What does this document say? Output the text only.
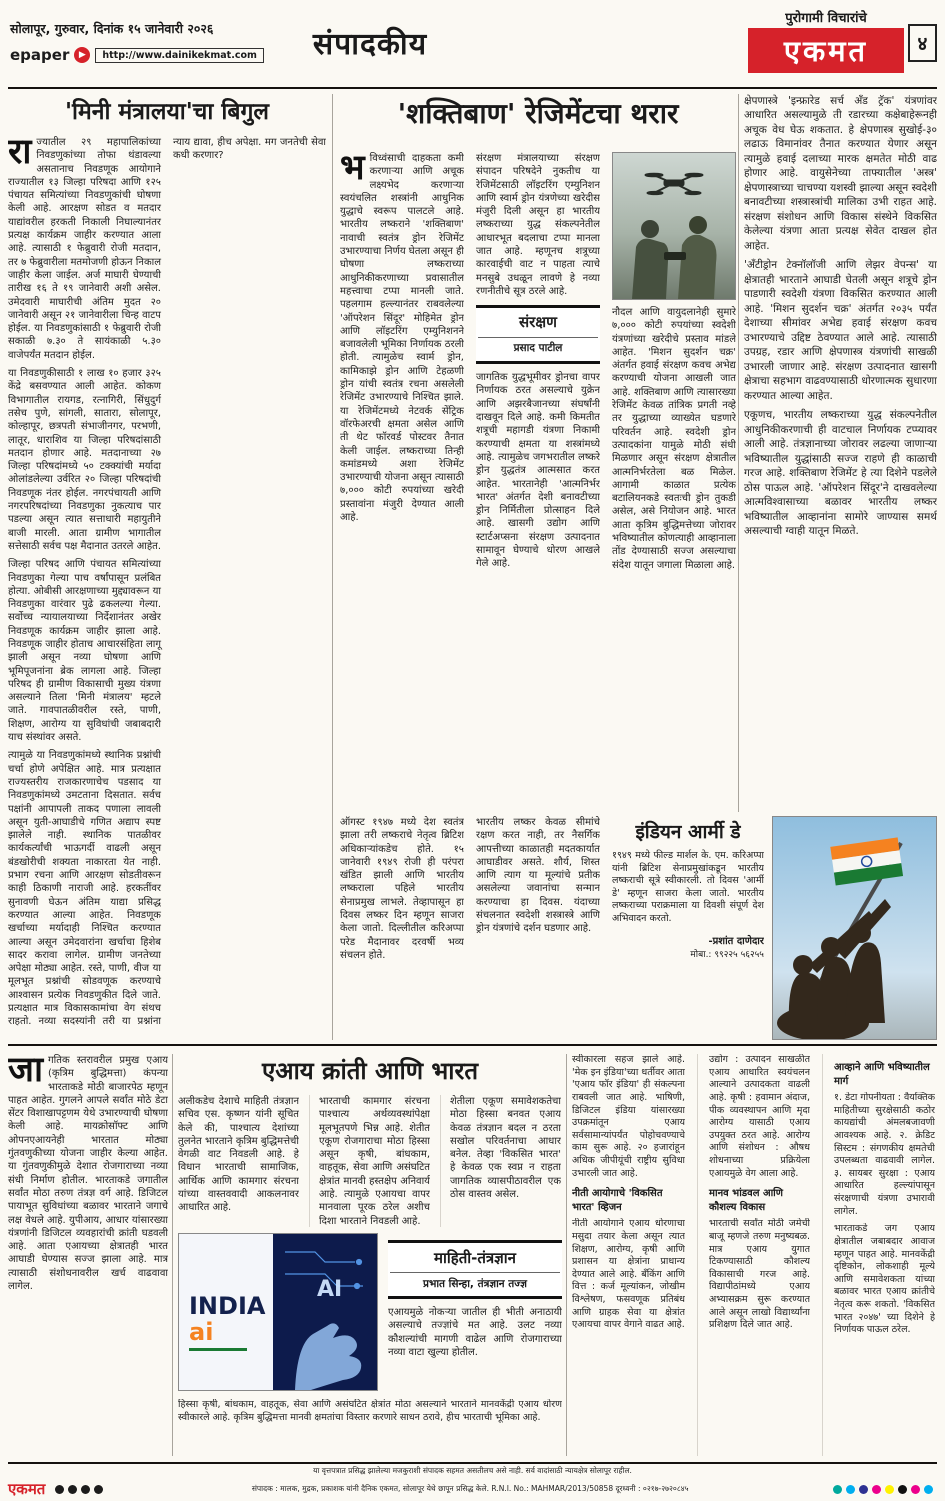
सोलापूर, गुरुवार, दिनांक १५ जानेवारी २०२६
epaper	▶	http://www.dainikekmat.com	संपादकीय
पुरोगामी विचारांचे
एकमत	४
'मिनी मंत्रालया'चा बिगुल
राज्यातील २९ महापालिकांच्या निवडणुकांच्या तोफा थंडावल्या असतानाच निवडणूक आयोगाने राज्यातील १३ जिल्हा परिषदा आणि १२५ पंचायत समित्यांच्या निवडणुकांची घोषणा केली आहे. आरक्षण सोडत व मतदार याद्यांवरील हरकती निकाली निघाल्यानंतर प्रत्यक्ष कार्यक्रम जाहीर करण्यात आला आहे. त्यासाठी १ फेब्रुवारी रोजी मतदान, तर ७ फेब्रुवारीला मतमोजणी होऊन निकाल जाहीर केला जाईल. अर्ज माघारी घेण्याची तारीख १६ ते १९ जानेवारी अशी असेल. उमेदवारी माघारीची अंतिम मुदत २० जानेवारी असून २१ जानेवारीला चिन्ह वाटप होईल. या निवडणुकांसाठी १ फेब्रुवारी रोजी सकाळी ७.३० ते सायंकाळी ५.३० वाजेपर्यंत मतदान होईल.
या निवडणुकीसाठी १ लाख १० हजार ३२५ केंद्रे बसवण्यात आली आहेत. कोकण विभागातील रायगड, रत्नागिरी, सिंधुदुर्ग तसेच पुणे, सांगली, सातारा, सोलापूर, कोल्हापूर, छत्रपती संभाजीनगर, परभणी, लातूर, धाराशिव या जिल्हा परिषदांसाठी मतदान होणार आहे. मतदानाच्या २७ जिल्हा परिषदांमध्ये ५० टक्क्यांची मर्यादा ओलांडलेल्या उर्वरित २० जिल्हा परिषदांची निवडणूक नंतर होईल. नगरपंचायती आणि नगरपरिषदांच्या निवडणुका नुकत्याच पार पडल्या असून त्यात सत्ताधारी महायुतीने बाजी मारली. आता ग्रामीण भागातील सत्तेसाठी सर्वच पक्ष मैदानात उतरले आहेत.
जिल्हा परिषद आणि पंचायत समित्यांच्या निवडणुका गेल्या पाच वर्षांपासून प्रलंबित होत्या. ओबीसी आरक्षणाच्या मुद्द्यावरून या निवडणुका वारंवार पुढे ढकलल्या गेल्या. सर्वोच्च न्यायालयाच्या निर्देशानंतर अखेर निवडणूक कार्यक्रम जाहीर झाला आहे. निवडणूक जाहीर होताच आचारसंहिता लागू झाली असून नव्या घोषणा आणि भूमिपूजनांना ब्रेक लागला आहे. जिल्हा परिषद ही ग्रामीण विकासाची मुख्य यंत्रणा असल्याने तिला 'मिनी मंत्रालय' म्हटले जाते. गावपातळीवरील रस्ते, पाणी, शिक्षण, आरोग्य या सुविधांची जबाबदारी याच संस्थांवर असते.
त्यामुळे या निवडणुकांमध्ये स्थानिक प्रश्नांची चर्चा होणे अपेक्षित आहे. मात्र प्रत्यक्षात राज्यस्तरीय राजकारणाचेच पडसाद या निवडणुकांमध्ये उमटताना दिसतात. सर्वच पक्षांनी आपापली ताकद पणाला लावली असून युती-आघाडीचे गणित अद्याप स्पष्ट झालेले नाही. स्थानिक पातळीवर कार्यकर्त्यांची भाऊगर्दी वाढली असून बंडखोरीची शक्यता नाकारता येत नाही. प्रभाग रचना आणि आरक्षण सोडतीवरून काही ठिकाणी नाराजी आहे. हरकतींवर सुनावणी घेऊन अंतिम याद्या प्रसिद्ध करण्यात आल्या आहेत. निवडणूक खर्चाच्या मर्यादाही निश्चित करण्यात आल्या असून उमेदवारांना खर्चाचा हिशेब सादर करावा लागेल. ग्रामीण जनतेच्या अपेक्षा मोठ्या आहेत. रस्ते, पाणी, वीज या मूलभूत प्रश्नांची सोडवणूक करण्याचे आश्वासन प्रत्येक निवडणुकीत दिले जाते. प्रत्यक्षात मात्र विकासकामांचा वेग संथच राहतो. नव्या सदस्यांनी तरी या प्रश्नांना न्याय द्यावा, हीच अपेक्षा. मग जनतेची सेवा कधी करणार?
'शक्तिबाण' रेजिमेंटचा थरार
भविध्वंसाची दाहकता कमी करणाऱ्या आणि अचूक लक्ष्यभेद करणाऱ्या स्वयंचलित शस्त्रांनी आधुनिक युद्धाचे स्वरूप पालटले आहे. भारतीय लष्कराने 'शक्तिबाण' नावाची स्वतंत्र ड्रोन रेजिमेंट उभारण्याचा निर्णय घेतला असून ही घोषणा लष्कराच्या आधुनिकीकरणाच्या प्रवासातील महत्त्वाचा टप्पा मानली जाते. पहलगाम हल्ल्यानंतर राबवलेल्या 'ऑपरेशन सिंदूर' मोहिमेत ड्रोन आणि लॉइटरिंग एम्युनिशनने बजावलेली भूमिका निर्णायक ठरली होती. त्यामुळेच स्वार्म ड्रोन, कामिकाझे ड्रोन आणि टेहळणी ड्रोन यांची स्वतंत्र रचना असलेली रेजिमेंट उभारण्याचे निश्चित झाले. या रेजिमेंटमध्ये नेटवर्क सेंट्रिक वॉरफेअरची क्षमता असेल आणि ती थेट फॉरवर्ड पोस्टवर तैनात केली जाईल. लष्कराच्या तिन्ही कमांडमध्ये अशा रेजिमेंट उभारण्याची योजना असून त्यासाठी ७,००० कोटी रुपयांच्या खरेदी प्रस्तावांना मंजुरी देण्यात आली आहे.
संरक्षण मंत्रालयाच्या संरक्षण संपादन परिषदेने नुकतीच या रेजिमेंटसाठी लॉइटरिंग एम्युनिशन आणि स्वार्म ड्रोन यंत्रणेच्या खरेदीस मंजुरी दिली असून हा भारतीय लष्कराच्या युद्ध संकल्पनेतील आधारभूत बदलाचा टप्पा मानला जात आहे. म्हणूनच शत्रूच्या कारवाईची वाट न पाहता त्याचे मनसुबे उधळून लावणे हे नव्या रणनीतीचे सूत्र ठरले आहे.
संरक्षण
प्रसाद पाटील
जागतिक युद्धभूमीवर ड्रोनचा वापर निर्णायक ठरत असल्याचे युक्रेन आणि अझरबैजानच्या संघर्षांनी दाखवून दिले आहे. कमी किमतीत शत्रूची महागडी यंत्रणा निकामी करण्याची क्षमता या शस्त्रांमध्ये आहे. त्यामुळेच जगभरातील लष्करे ड्रोन युद्धतंत्र आत्मसात करत आहेत. भारतानेही 'आत्मनिर्भर भारत' अंतर्गत देशी बनावटीच्या ड्रोन निर्मितीला प्रोत्साहन दिले आहे. खासगी उद्योग आणि स्टार्टअप्सना संरक्षण उत्पादनात सामावून घेण्याचे धोरण आखले गेले आहे.
नौदल आणि वायुदलानेही सुमारे ७,००० कोटी रुपयांच्या स्वदेशी यंत्रणांच्या खरेदीचे प्रस्ताव मांडले आहेत. 'मिशन सुदर्शन चक्र' अंतर्गत हवाई संरक्षण कवच अभेद्य करण्याची योजना आखली जात आहे. शक्तिबाण आणि त्यासारख्या रेजिमेंट केवळ तांत्रिक प्रगती नव्हे तर युद्धाच्या व्याख्येत घडणारे परिवर्तन आहे. स्वदेशी ड्रोन उत्पादकांना यामुळे मोठी संधी मिळणार असून संरक्षण क्षेत्रातील आत्मनिर्भरतेला बळ मिळेल. आगामी काळात प्रत्येक बटालियनकडे स्वतःची ड्रोन तुकडी असेल, असे नियोजन आहे. भारत आता कृत्रिम बुद्धिमत्तेच्या जोरावर भविष्यातील कोणत्याही आव्हानाला तोंड देण्यासाठी सज्ज असल्याचा संदेश यातून जगाला मिळाला आहे.
ऑगस्ट १९४७ मध्ये देश स्वतंत्र झाला तरी लष्कराचे नेतृत्व ब्रिटिश अधिकाऱ्यांकडेच होते. १५ जानेवारी १९४९ रोजी ही परंपरा खंडित झाली आणि भारतीय लष्कराला पहिले भारतीय सेनाप्रमुख लाभले. तेव्हापासून हा दिवस लष्कर दिन म्हणून साजरा केला जातो. दिल्लीतील करिअप्पा परेड मैदानावर दरवर्षी भव्य संचलन होते.
भारतीय लष्कर केवळ सीमांचे रक्षण करत नाही, तर नैसर्गिक आपत्तीच्या काळातही मदतकार्यात आघाडीवर असते. शौर्य, शिस्त आणि त्याग या मूल्यांचे प्रतीक असलेल्या जवानांचा सन्मान करण्याचा हा दिवस. यंदाच्या संचलनात स्वदेशी शस्त्रास्त्रे आणि ड्रोन यंत्रणांचे दर्शन घडणार आहे.
इंडियन आर्मी डे
१९४९ मध्ये फील्ड मार्शल के. एम. करिअप्पा यांनी ब्रिटिश सेनाप्रमुखांकडून भारतीय लष्कराची सूत्रे स्वीकारली. तो दिवस 'आर्मी डे' म्हणून साजरा केला जातो. भारतीय लष्कराच्या पराक्रमाला या दिवशी संपूर्ण देश अभिवादन करतो.
-प्रशांत दाणेदार
मोबा.: ९९२२५ ५६२५५
क्षेपणास्त्रे 'इन्फ्रारेड सर्च अँड ट्रॅक' यंत्रणांवर आधारित असल्यामुळे ती रडारच्या कक्षेबाहेरूनही अचूक वेध घेऊ शकतात. हे क्षेपणास्त्र सुखोई-३० लढाऊ विमानांवर तैनात करण्यात येणार असून त्यामुळे हवाई दलाच्या मारक क्षमतेत मोठी वाढ होणार आहे. वायुसेनेच्या ताफ्यातील 'अस्त्र' क्षेपणास्त्राच्या चाचण्या यशस्वी झाल्या असून स्वदेशी बनावटीच्या शस्त्रास्त्रांची मालिका उभी राहत आहे. संरक्षण संशोधन आणि विकास संस्थेने विकसित केलेल्या यंत्रणा आता प्रत्यक्ष सेवेत दाखल होत आहेत.
'अँटीड्रोन टेक्नॉलॉजी आणि लेझर वेपन्स' या क्षेत्रातही भारताने आघाडी घेतली असून शत्रूचे ड्रोन पाडणारी स्वदेशी यंत्रणा विकसित करण्यात आली आहे. 'मिशन सुदर्शन चक्र' अंतर्गत २०३५ पर्यंत देशाच्या सीमांवर अभेद्य हवाई संरक्षण कवच उभारण्याचे उद्दिष्ट ठेवण्यात आले आहे. त्यासाठी उपग्रह, रडार आणि क्षेपणास्त्र यंत्रणांची साखळी उभारली जाणार आहे. संरक्षण उत्पादनात खासगी क्षेत्राचा सहभाग वाढवण्यासाठी धोरणात्मक सुधारणा करण्यात आल्या आहेत.
एकूणच, भारतीय लष्कराच्या युद्ध संकल्पनेतील आधुनिकीकरणाची ही वाटचाल निर्णायक टप्प्यावर आली आहे. तंत्रज्ञानाच्या जोरावर लढल्या जाणाऱ्या भविष्यातील युद्धांसाठी सज्ज राहणे ही काळाची गरज आहे. शक्तिबाण रेजिमेंट हे त्या दिशेने पडलेले ठोस पाऊल आहे. 'ऑपरेशन सिंदूर'ने दाखवलेल्या आत्मविश्वासाच्या बळावर भारतीय लष्कर भविष्यातील आव्हानांना सामोरे जाण्यास समर्थ असल्याची ग्वाही यातून मिळते.
जागतिक स्तरावरील प्रमुख एआय (कृत्रिम बुद्धिमत्ता) कंपन्या भारताकडे मोठी बाजारपेठ म्हणून पाहत आहेत. गुगलने आपले सर्वांत मोठे डेटा सेंटर विशाखापट्टणम येथे उभारण्याची घोषणा केली आहे. मायक्रोसॉफ्ट आणि ओपनएआयनेही भारतात मोठ्या गुंतवणुकीच्या योजना जाहीर केल्या आहेत. या गुंतवणुकीमुळे देशात रोजगाराच्या नव्या संधी निर्माण होतील. भारताकडे जगातील सर्वांत मोठा तरुण तंत्रज्ञ वर्ग आहे. डिजिटल पायाभूत सुविधांच्या बळावर भारताने जगाचे लक्ष वेधले आहे. युपीआय, आधार यांसारख्या यंत्रणांनी डिजिटल व्यवहारांची क्रांती घडवली आहे. आता एआयच्या क्षेत्रातही भारत आघाडी घेण्यास सज्ज झाला आहे. मात्र त्यासाठी संशोधनावरील खर्च वाढवावा लागेल.
एआय क्रांती आणि भारत
अलीकडेच देशाचे माहिती तंत्रज्ञान सचिव एस. कृष्णन यांनी सूचित केले की, पाश्चात्य देशांच्या तुलनेत भारताने कृत्रिम बुद्धिमत्तेची वेगळी वाट निवडली आहे. हे विधान भारताची सामाजिक, आर्थिक आणि कामगार संरचना यांच्या वास्तववादी आकलनावर आधारित आहे.
भारताची कामगार संरचना पाश्चात्य अर्थव्यवस्थांपेक्षा मूलभूतपणे भिन्न आहे. शेतीत एकूण रोजगाराचा मोठा हिस्सा असून कृषी, बांधकाम, वाहतूक, सेवा आणि असंघटित क्षेत्रांत मानवी हस्तक्षेप अनिवार्य आहे. त्यामुळे एआयचा वापर मानवाला पूरक ठरेल अशीच दिशा भारताने निवडली आहे.
शेतीला एकूण समावेशकतेचा मोठा हिस्सा बनवत एआय केवळ तंत्रज्ञान बदल न ठरता सखोल परिवर्तनाचा आधार बनेल. तेव्हा 'विकसित भारत' हे केवळ एक स्वप्न न राहता जागतिक व्यासपीठावरील एक ठोस वास्तव असेल.
INDIA
ai
AI
माहिती-तंत्रज्ञान
प्रभात सिन्हा, तंत्रज्ञान तज्ज्ञ
एआयमुळे नोकऱ्या जातील ही भीती अनाठायी असल्याचे तज्ज्ञांचे मत आहे. उलट नव्या कौशल्यांची मागणी वाढेल आणि रोजगाराच्या नव्या वाटा खुल्या होतील.
हिस्सा कृषी, बांधकाम, वाहतूक, सेवा आणि असंघटित क्षेत्रांत मोठा असल्याने भारताने मानवकेंद्री एआय धोरण स्वीकारले आहे. कृत्रिम बुद्धिमत्ता मानवी क्षमतांचा विस्तार करणारे साधन ठरावे, हीच भारताची भूमिका आहे.
स्वीकारला सहज झाले आहे. 'मेक इन इंडिया'च्या धर्तीवर आता 'एआय फॉर इंडिया' ही संकल्पना राबवली जात आहे. भाषिणी, डिजिटल इंडिया यांसारख्या उपक्रमांतून एआय सर्वसामान्यांपर्यंत पोहोचवण्याचे काम सुरू आहे. २० हजारांहून अधिक जीपीयूंची राष्ट्रीय सुविधा उभारली जात आहे.
नीती आयोगाचे 'विकसित भारत' व्हिजन
नीती आयोगाने एआय धोरणाचा मसुदा तयार केला असून त्यात शिक्षण, आरोग्य, कृषी आणि प्रशासन या क्षेत्रांना प्राधान्य देण्यात आले आहे. बँकिंग आणि वित्त : कर्ज मूल्यांकन, जोखीम विश्लेषण, फसवणूक प्रतिबंध आणि ग्राहक सेवा या क्षेत्रांत एआयचा वापर वेगाने वाढत आहे.
उद्योग : उत्पादन साखळीत एआय आधारित स्वयंचलन आल्याने उत्पादकता वाढली आहे. कृषी : हवामान अंदाज, पीक व्यवस्थापन आणि मृदा आरोग्य यासाठी एआय उपयुक्त ठरत आहे. आरोग्य आणि संशोधन : औषध शोधनाच्या प्रक्रियेला एआयमुळे वेग आला आहे.
मानव भांडवल आणि कौशल्य विकास
भारताची सर्वांत मोठी जमेची बाजू म्हणजे तरुण मनुष्यबळ. मात्र एआय युगात टिकण्यासाठी कौशल्य विकासाची गरज आहे. विद्यापीठांमध्ये एआय अभ्यासक्रम सुरू करण्यात आले असून लाखो विद्यार्थ्यांना प्रशिक्षण दिले जात आहे.
आव्हाने आणि भविष्यातील मार्ग
१. डेटा गोपनीयता : वैयक्तिक माहितीच्या सुरक्षेसाठी कठोर कायद्यांची अंमलबजावणी आवश्यक आहे. २. क्रेडिट सिस्टम : संगणकीय क्षमतेची उपलब्धता वाढवावी लागेल. ३. सायबर सुरक्षा : एआय आधारित हल्ल्यांपासून संरक्षणाची यंत्रणा उभारावी लागेल.
भारताकडे जग एआय क्षेत्रातील जबाबदार आवाज म्हणून पाहत आहे. मानवकेंद्री दृष्टिकोन, लोकशाही मूल्ये आणि समावेशकता यांच्या बळावर भारत एआय क्रांतीचे नेतृत्व करू शकतो. 'विकसित भारत २०४७' च्या दिशेने हे निर्णायक पाऊल ठरेल.
या वृत्तपत्रात प्रसिद्ध झालेल्या मजकुराशी संपादक सहमत असतीलच असे नाही. सर्व वादांसाठी न्यायक्षेत्र सोलापूर राहील.
एकमत	संपादक : मालक, मुद्रक, प्रकाशक यांनी दैनिक एकमत, सोलापूर येथे छापून प्रसिद्ध केले. R.N.I. No.: MAHMAR/2013/50858 दूरध्वनी : ०२१७-२७२०८४५
